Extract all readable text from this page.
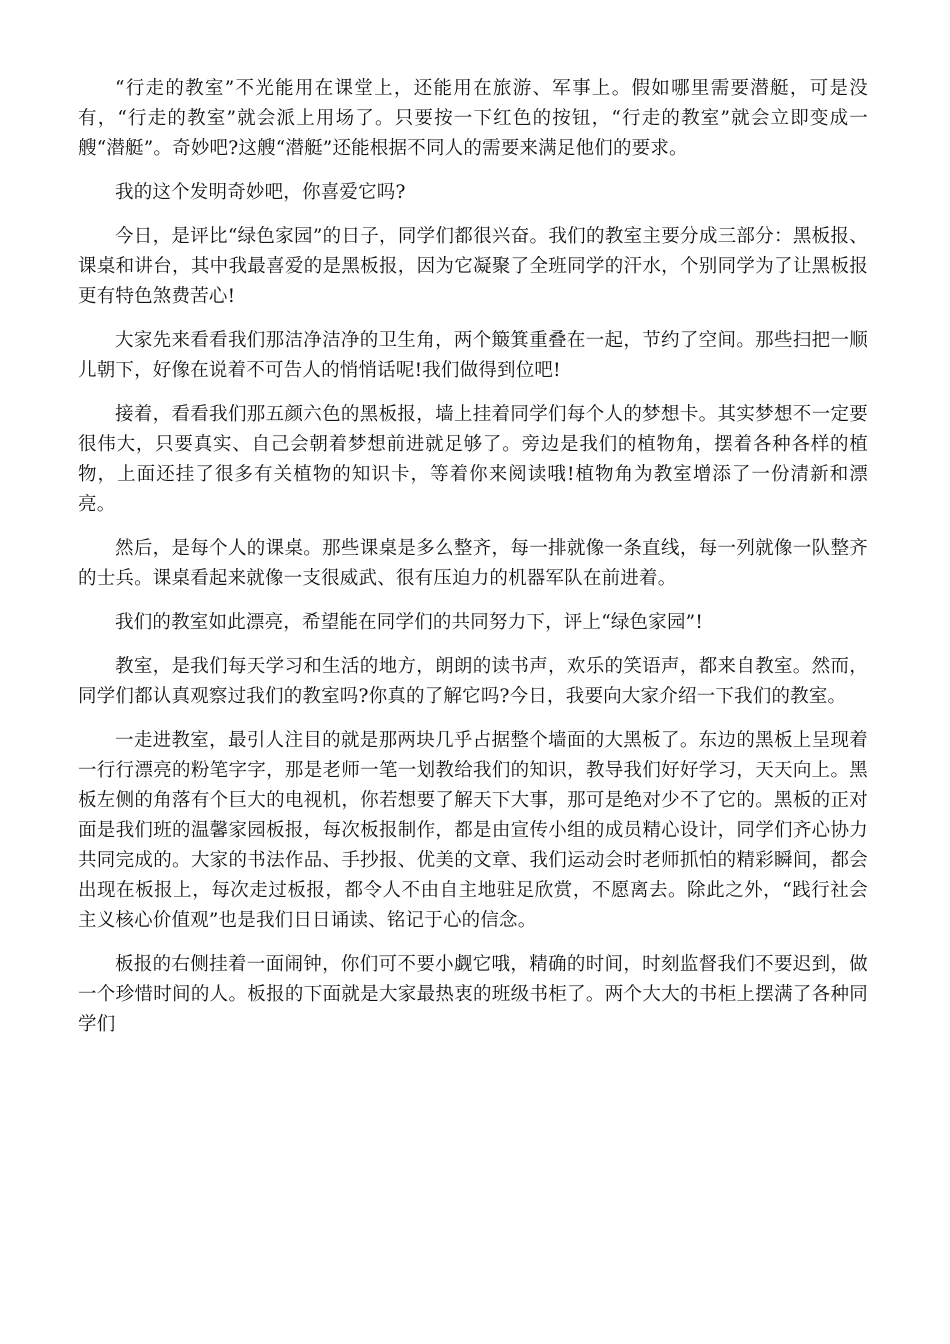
“行走的教室”不光能用在课堂上，还能用在旅游、军事上。假如哪里需要潜艇，可是没有，“行走的教室”就会派上用场了。只要按一下红色的按钮，“行走的教室”就会立即变成一艘“潜艇”。奇妙吧?这艘“潜艇”还能根据不同人的需要来满足他们的要求。

我的这个发明奇妙吧，你喜爱它吗?

今日，是评比“绿色家园”的日子，同学们都很兴奋。我们的教室主要分成三部分：黑板报、课桌和讲台，其中我最喜爱的是黑板报，因为它凝聚了全班同学的汗水，个别同学为了让黑板报更有特色煞费苦心!

大家先来看看我们那洁净洁净的卫生角，两个簸箕重叠在一起，节约了空间。那些扫把一顺儿朝下，好像在说着不可告人的悄悄话呢!我们做得到位吧!

接着，看看我们那五颜六色的黑板报，墙上挂着同学们每个人的梦想卡。其实梦想不一定要很伟大，只要真实、自己会朝着梦想前进就足够了。旁边是我们的植物角，摆着各种各样的植物，上面还挂了很多有关植物的知识卡，等着你来阅读哦!植物角为教室增添了一份清新和漂亮。

然后，是每个人的课桌。那些课桌是多么整齐，每一排就像一条直线，每一列就像一队整齐的士兵。课桌看起来就像一支很威武、很有压迫力的机器军队在前进着。

我们的教室如此漂亮，希望能在同学们的共同努力下，评上“绿色家园”!

教室，是我们每天学习和生活的地方，朗朗的读书声，欢乐的笑语声，都来自教室。然而，同学们都认真观察过我们的教室吗?你真的了解它吗?今日，我要向大家介绍一下我们的教室。

一走进教室，最引人注目的就是那两块几乎占据整个墙面的大黑板了。东边的黑板上呈现着一行行漂亮的粉笔字字，那是老师一笔一划教给我们的知识，教导我们好好学习，天天向上。黑板左侧的角落有个巨大的电视机，你若想要了解天下大事，那可是绝对少不了它的。黑板的正对面是我们班的温馨家园板报，每次板报制作，都是由宣传小组的成员精心设计，同学们齐心协力共同完成的。大家的书法作品、手抄报、优美的文章、我们运动会时老师抓怕的精彩瞬间，都会出现在板报上，每次走过板报，都令人不由自主地驻足欣赏，不愿离去。除此之外，“践行社会主义核心价值观”也是我们日日诵读、铭记于心的信念。

板报的右侧挂着一面闹钟，你们可不要小觑它哦，精确的时间，时刻监督我们不要迟到，做一个珍惜时间的人。板报的下面就是大家最热衷的班级书柜了。两个大大的书柜上摆满了各种同学们
